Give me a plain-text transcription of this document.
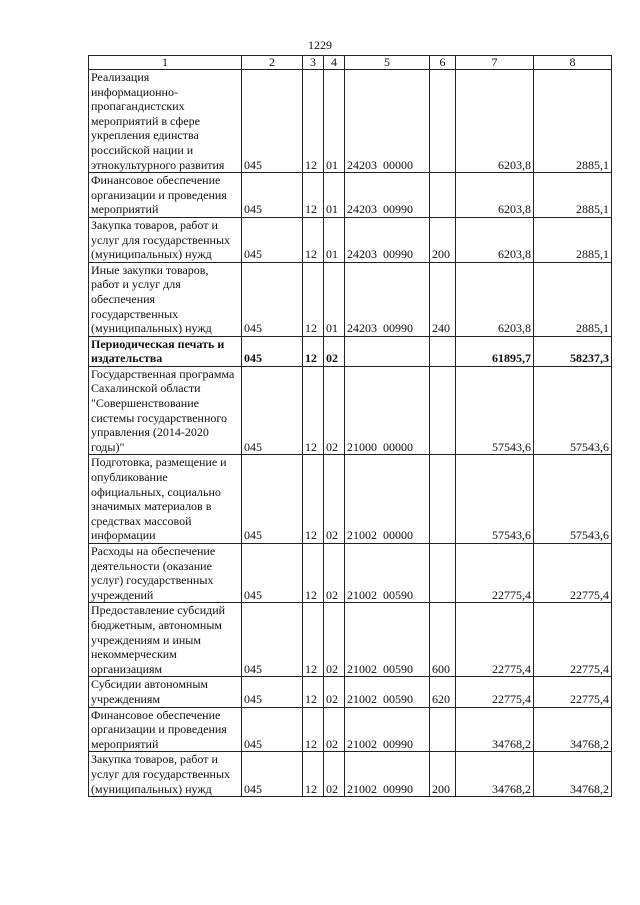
1229
1	2	3	4	5	6	7	8
Реализация информационно-пропагандистских мероприятий в сфере укрепления единства российской нации и этнокультурного развития	045	12	01	24203  00000		6203,8	2885,1
Финансовое обеспечение организации и проведения мероприятий	045	12	01	24203  00990		6203,8	2885,1
Закупка товаров, работ и услуг для государственных (муниципальных) нужд	045	12	01	24203  00990	200	6203,8	2885,1
Иные закупки товаров, работ и услуг для обеспечения государственных (муниципальных) нужд	045	12	01	24203  00990	240	6203,8	2885,1
Периодическая печать и издательства	045	12	02			61895,7	58237,3
Государственная программа Сахалинской области "Совершенствование системы государственного управления (2014-2020 годы)"	045	12	02	21000  00000		57543,6	57543,6
Подготовка, размещение и опубликование официальных, социально значимых материалов в средствах массовой информации	045	12	02	21002  00000		57543,6	57543,6
Расходы на обеспечение деятельности (оказание услуг) государственных учреждений	045	12	02	21002  00590		22775,4	22775,4
Предоставление субсидий бюджетным, автономным учреждениям и иным некоммерческим организациям	045	12	02	21002  00590	600	22775,4	22775,4
Субсидии автономным учреждениям	045	12	02	21002  00590	620	22775,4	22775,4
Финансовое обеспечение организации и проведения мероприятий	045	12	02	21002  00990		34768,2	34768,2
Закупка товаров, работ и услуг для государственных (муниципальных) нужд	045	12	02	21002  00990	200	34768,2	34768,2
